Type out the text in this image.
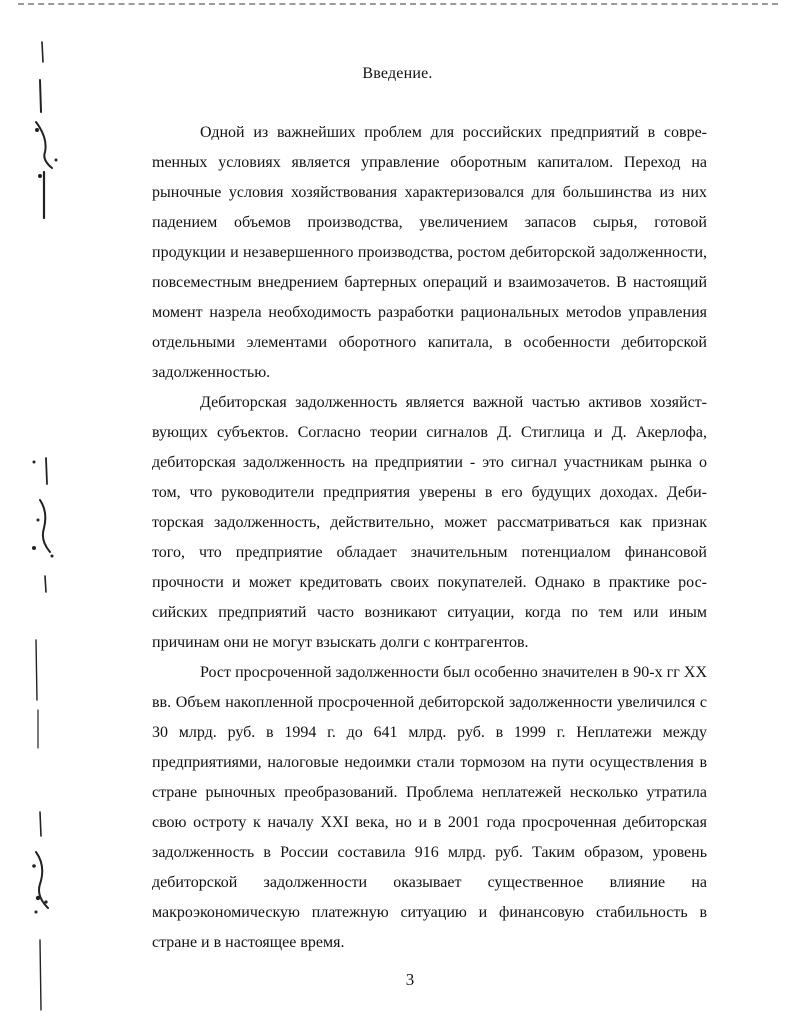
Введение.

Одной из важнейших проблем для российских предприятий в совреmенных условиях является управление оборотным капиталом. Переход на рыночные условия хозяйствования характеризовался для большинства из них падением объемов производства, увеличением запасов сырья, готовой продукции и незавершенного производства, ростом дебиторской задолженности, повсеместным внедрением бартерных операций и взаимозачетов. В настоящий момент назрела необходимость разработки рациональных метоdов управления отдельными элементами оборотного капитала, в особенности дебиторской задолженностью.

Дебиторская задолженность является важной частью активов хозяйствующих субъектов. Согласно теории сигналов Д. Стиглица и Д. Акерлофа, дебиторская задолженность на предприятии - это сигнал участникам рынка о том, что руководители предприятия уверены в его будущих доходах. Дебиторская задолженность, действительно, может рассматриваться как признак того, что предприятие обладает значительным потенциалом финансовой прочности и может кредитовать своих покупателей. Однако в практике российских предприятий часто возникают ситуации, когда по тем или иным причинам они не могут взыскать долги с контрагентов.

Рост просроченной задолженности был особенно значителен в 90-х гг XX вв. Объем накопленной просроченной дебиторской задолженности увеличился с 30 млрд. руб. в 1994 г. до 641 млрд. руб. в 1999 г. Неплатежи между предприятиями, налоговые недоимки стали тормозом на пути осуществления в стране рыночных преобразований. Проблема неплатежей несколько утратила свою остроту к началу XXI века, но и в 2001 года просроченная дебиторская задолженность в России составила 916 млрд. руб. Таким образом, уровень дебиторской задолженности оказывает существенное влияние на макроэкономическую платежную ситуацию и финансовую стабильность в стране и в настоящее время.

3
